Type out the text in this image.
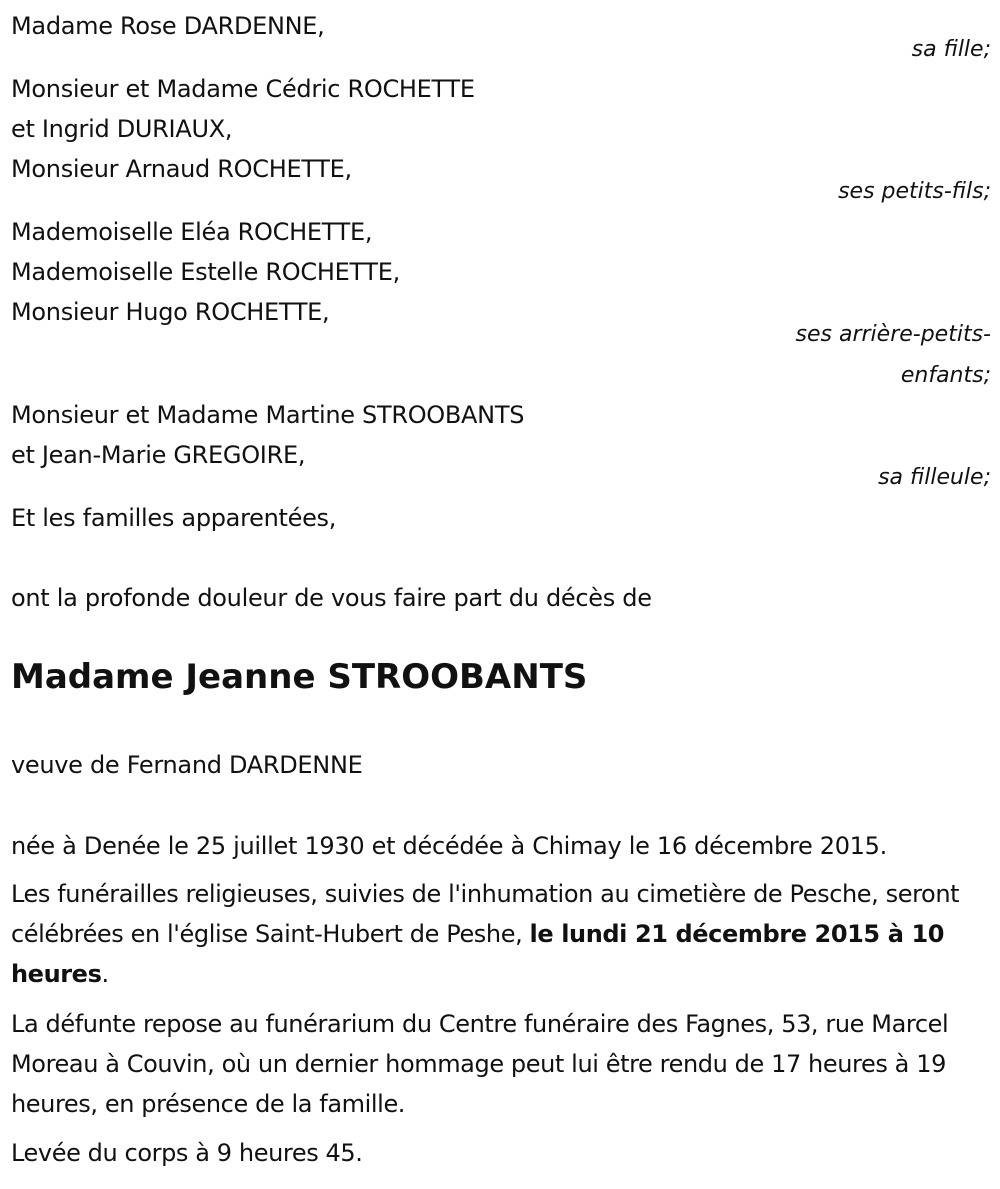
Madame Rose DARDENNE,
sa fille;
Monsieur et Madame Cédric ROCHETTE
et Ingrid DURIAUX,
Monsieur Arnaud ROCHETTE,
ses petits-fils;
Mademoiselle Eléa ROCHETTE,
Mademoiselle Estelle ROCHETTE,
Monsieur Hugo ROCHETTE,
ses arrière-petits-
enfants;
Monsieur et Madame Martine STROOBANTS
et Jean-Marie GREGOIRE,
sa filleule;
Et les familles apparentées,
ont la profonde douleur de vous faire part du décès de
Madame Jeanne STROOBANTS
veuve de Fernand DARDENNE
née à Denée le 25 juillet 1930 et décédée à Chimay le 16 décembre 2015.
Les funérailles religieuses, suivies de l'inhumation au cimetière de Pesche, seront célébrées en l'église Saint-Hubert de Peshe, le lundi 21 décembre 2015 à 10 heures.
La défunte repose au funérarium du Centre funéraire des Fagnes, 53, rue Marcel Moreau à Couvin, où un dernier hommage peut lui être rendu de 17 heures à 19 heures, en présence de la famille.
Levée du corps à 9 heures 45.
